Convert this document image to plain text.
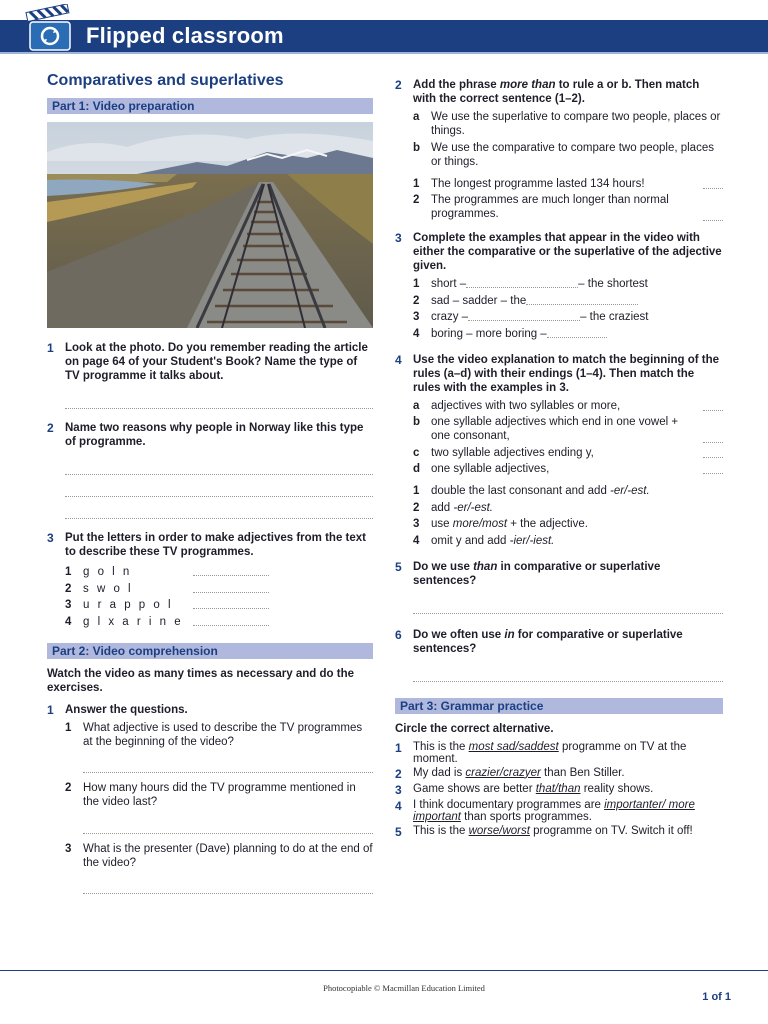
Flipped classroom
Comparatives and superlatives
Part 1: Video preparation
1 Look at the photo. Do you remember reading the article on page 64 of your Student's Book? Name the type of TV programme it talks about.
2 Name two reasons why people in Norway like this type of programme.
3 Put the letters in order to make adjectives from the text to describe these TV programmes.
1	g o l n
2	s w o l
3	u r a p p o l
4	g l x a r i n e
Part 2: Video comprehension
Watch the video as many times as necessary and do the exercises.
1 Answer the questions.
1	What adjective is used to describe the TV programmes at the beginning of the video?
2	How many hours did the TV programme mentioned in the video last?
3	What is the presenter (Dave) planning to do at the end of the video?
2 Add the phrase more than to rule a or b. Then match with the correct sentence (1–2).
a	We use the superlative to compare two people, places or things.
b We use the comparative to compare two people, places or things.
1	The longest programme lasted 134 hours!
2	The programmes are much longer than normal programmes.
3 Complete the examples that appear in the video with either the comparative or the superlative of the adjective given.
1	short –	– the shortest
2	sad – sadder – the
3	crazy –	– the craziest
4	boring – more boring –
4 Use the video explanation to match the beginning of the rules (a–d) with their endings (1–4). Then match the rules with the examples in 3.
a	adjectives with two syllables or more,
b one syllable adjectives which end in one vowel + one consonant,
c	two syllable adjectives ending y,
d one syllable adjectives,
1	double the last consonant and add -er/-est.
2	add -er/-est.
3	use more/most + the adjective.
4	omit y and add -ier/-iest.
5 Do we use than in comparative or superlative sentences?
6 Do we often use in for comparative or superlative sentences?
Part 3: Grammar practice
Circle the correct alternative.
1 This is the most sad/saddest programme on TV at the moment.
2 My dad is crazier/crazyer than Ben Stiller.
3 Game shows are better that/than reality shows.
4 I think documentary programmes are importanter/ more important than sports programmes.
5 This is the worse/worst programme on TV. Switch it off!
Photocopiable © Macmillan Education Limited
1 of 1
